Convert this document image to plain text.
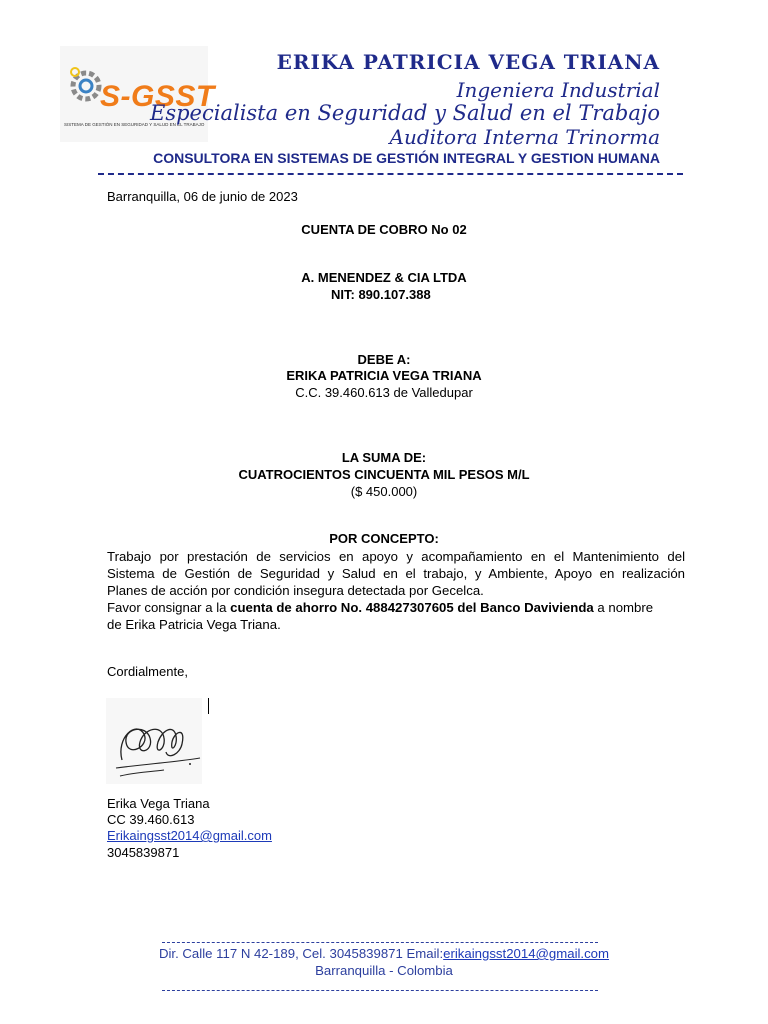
S-GSST
SISTEMA DE GESTIÓN EN SEGURIDAD Y SALUD EN EL TRABAJO
ERIKA PATRICIA VEGA TRIANA
Ingeniera Industrial
Especialista en Seguridad y Salud en el Trabajo
Auditora Interna Trinorma
CONSULTORA EN SISTEMAS DE GESTIÓN INTEGRAL Y GESTION HUMANA
Barranquilla, 06 de junio de 2023
CUENTA DE COBRO No 02
A. MENENDEZ & CIA LTDA
NIT: 890.107.388
DEBE A:
ERIKA PATRICIA VEGA TRIANA
C.C. 39.460.613 de Valledupar
LA SUMA DE:
CUATROCIENTOS CINCUENTA MIL PESOS M/L
($ 450.000)
POR CONCEPTO:
Trabajo por prestación de servicios en apoyo y acompañamiento en el Mantenimiento del
Sistema de Gestión de Seguridad y Salud en el trabajo, y Ambiente, Apoyo en realización
Planes de acción por condición insegura detectada por Gecelca.
Favor consignar a la cuenta de ahorro No. 488427307605 del Banco Davivienda a nombre
de Erika Patricia Vega Triana.
Cordialmente,
Erika Vega Triana
CC 39.460.613
Erikaingsst2014@gmail.com
3045839871
Dir. Calle 117 N 42-189, Cel. 3045839871 Email:erikaingsst2014@gmail.com
Barranquilla - Colombia
